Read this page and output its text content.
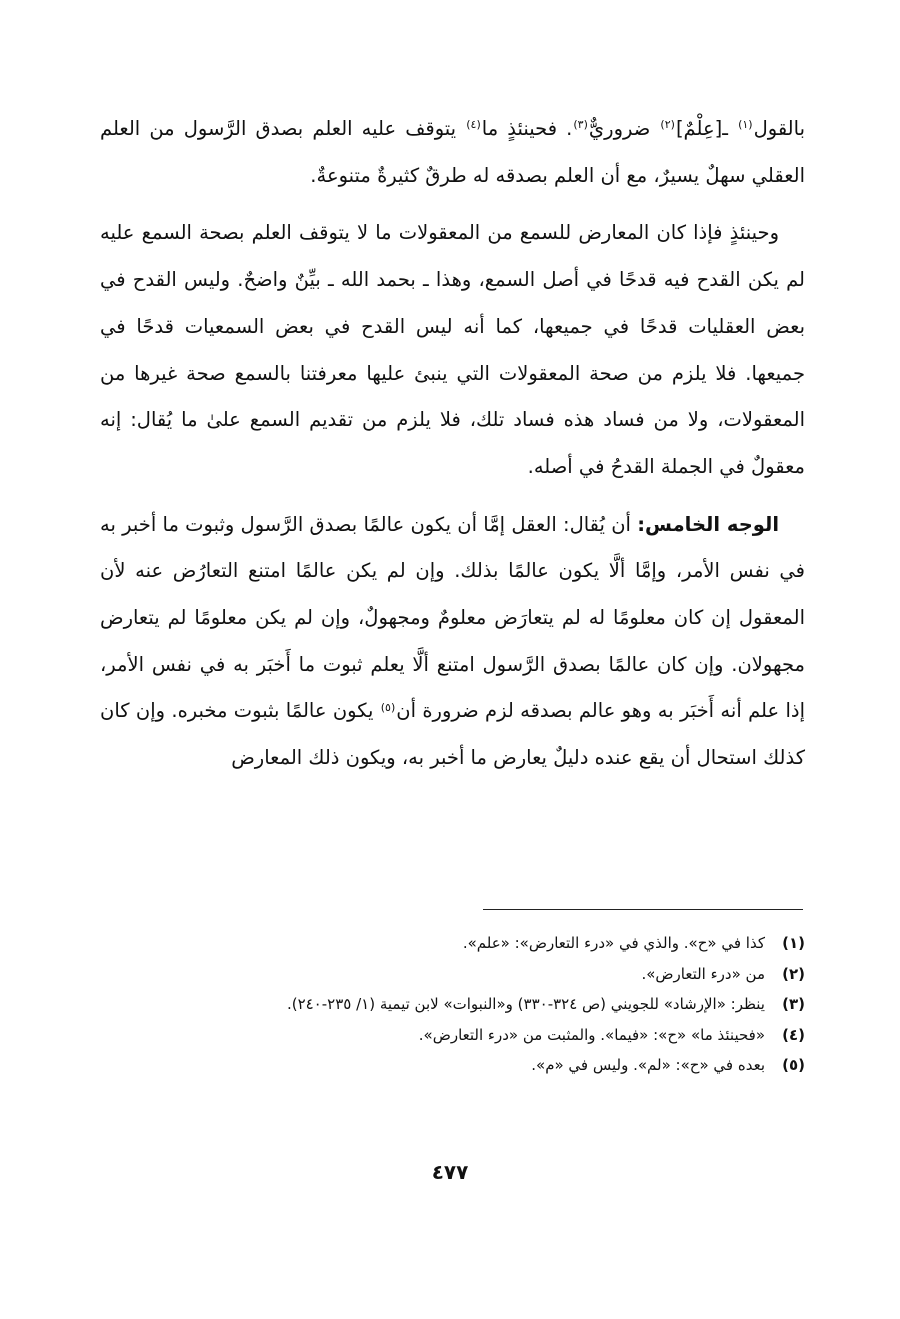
بالقول$^{(١)}$ ـ[عِلْمٌ]$^{(٢)}$ ضروريٌّ$^{(٣)}$. فحينئذٍ ما$^{(٤)}$ يتوقف عليه العلم بصدق الرَّسول من العلم العقلي سهلٌ يسيرٌ، مع أن العلم بصدقه له طرقٌ كثيرةٌ متنوعةٌ.

وحينئذٍ فإذا كان المعارض للسمع من المعقولات ما لا يتوقف العلم بصحة السمع عليه لم يكن القدح فيه قدحًا في أصل السمع، وهذا ـ بحمد الله ـ بيِّنٌ واضحٌ. وليس القدح في بعض العقليات قدحًا في جميعها، كما أنه ليس القدح في بعض السمعيات قدحًا في جميعها. فلا يلزم من صحة المعقولات التي ينبئ عليها معرفتنا بالسمع صحة غيرها من المعقولات، ولا من فساد هذه فساد تلك، فلا يلزم من تقديم السمع علىٰ ما يُقال: إنه معقولٌ في الجملة القدحُ في أصله.

الوجه الخامس: أن يُقال: العقل إمَّا أن يكون عالمًا بصدق الرَّسول وثبوت ما أخبر به في نفس الأمر، وإمَّا ألَّا يكون عالمًا بذلك. وإن لم يكن عالمًا امتنع التعارُض عنه لأن المعقول إن كان معلومًا له لم يتعارَض معلومٌ ومجهولٌ، وإن لم يكن معلومًا لم يتعارض مجهولان. وإن كان عالمًا بصدق الرَّسول امتنع ألَّا يعلم ثبوت ما أَخبَر به في نفس الأمر، إذا علم أنه أَخبَر به وهو عالم بصدقه لزم ضرورة أن$^{(٥)}$ يكون عالمًا بثبوت مخبره. وإن كان كذلك استحال أن يقع عنده دليلٌ يعارض ما أخبر به، ويكون ذلك المعارض

(١)
كذا في «ح». والذي في «درء التعارض»: «علم».

(٢)
من «درء التعارض».

(٣)
ينظر: «الإرشاد» للجويني (ص ٣٢٤-٣٣٠) و«النبوات» لابن تيمية (١/ ٢٣٥-٢٤٠).

(٤)
«فحينئذ ما» «ح»: «فيما». والمثبت من «درء التعارض».

(٥)
بعده في «ح»: «لم». وليس في «م».

٤٧٧
